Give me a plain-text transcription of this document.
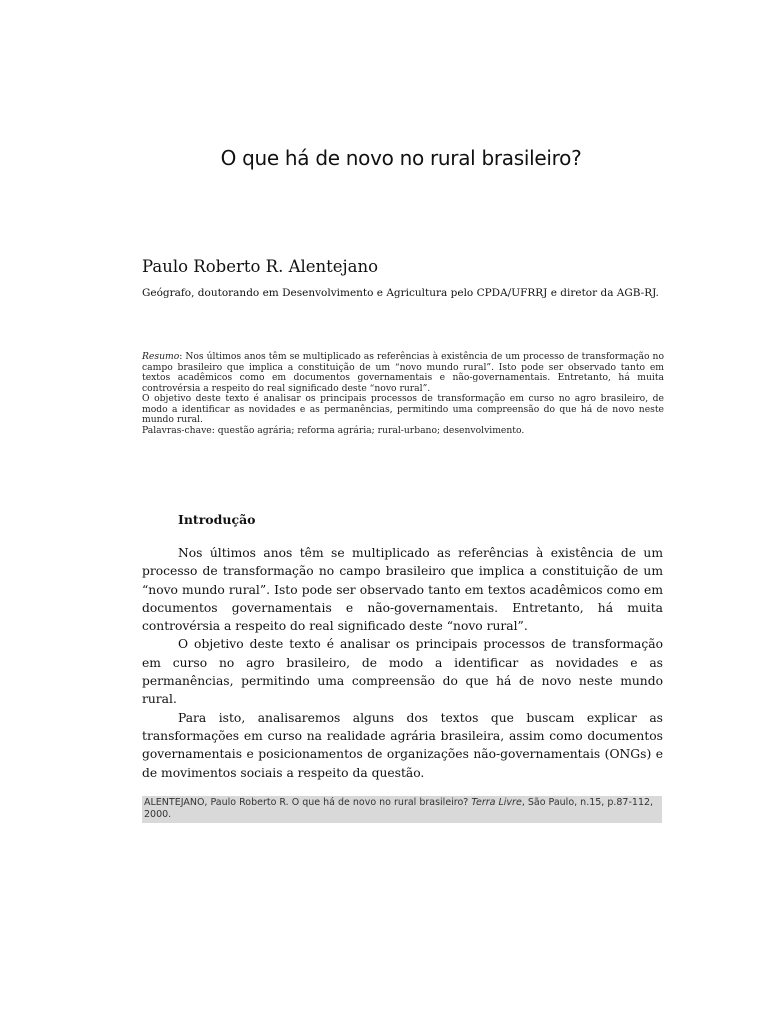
O que há de novo no rural brasileiro?
Paulo Roberto R. Alentejano
Geógrafo, doutorando em Desenvolvimento e Agricultura pelo CPDA/UFRRJ e diretor da AGB-RJ.

Resumo: Nos últimos anos têm se multiplicado as referências à existência de um processo de transformação no campo brasileiro que implica a constituição de um “novo mundo rural”. Isto pode ser observado tanto em textos acadêmicos como em documentos governamentais e não-governamentais. Entretanto, há muita controvérsia a respeito do real significado deste “novo rural”.

O objetivo deste texto é analisar os principais processos de transformação em curso no agro brasileiro, de modo a identificar as novidades e as permanências, permitindo uma compreensão do que há de novo neste mundo rural.

Palavras-chave: questão agrária; reforma agrária; rural-urbano; desenvolvimento.

Introdução

Nos últimos anos têm se multiplicado as referências à existência de um processo de transformação no campo brasileiro que implica a constituição de um “novo mundo rural”. Isto pode ser observado tanto em textos acadêmicos como em documentos governamentais e não-governamentais. Entretanto, há muita controvérsia a respeito do real significado deste “novo rural”.

O objetivo deste texto é analisar os principais processos de transformação em curso no agro brasileiro, de modo a identificar as novidades e as permanências, permitindo uma compreensão do que há de novo neste mundo rural.

Para isto, analisaremos alguns dos textos que buscam explicar as transformações em curso na realidade agrária brasileira, assim como documentos governamentais e posicionamentos de organizações não-governamentais (ONGs) e de movimentos sociais a respeito da questão.

ALENTEJANO, Paulo Roberto R. O que há de novo no rural brasileiro? Terra Livre, São Paulo, n.15, p.87-112, 2000.
